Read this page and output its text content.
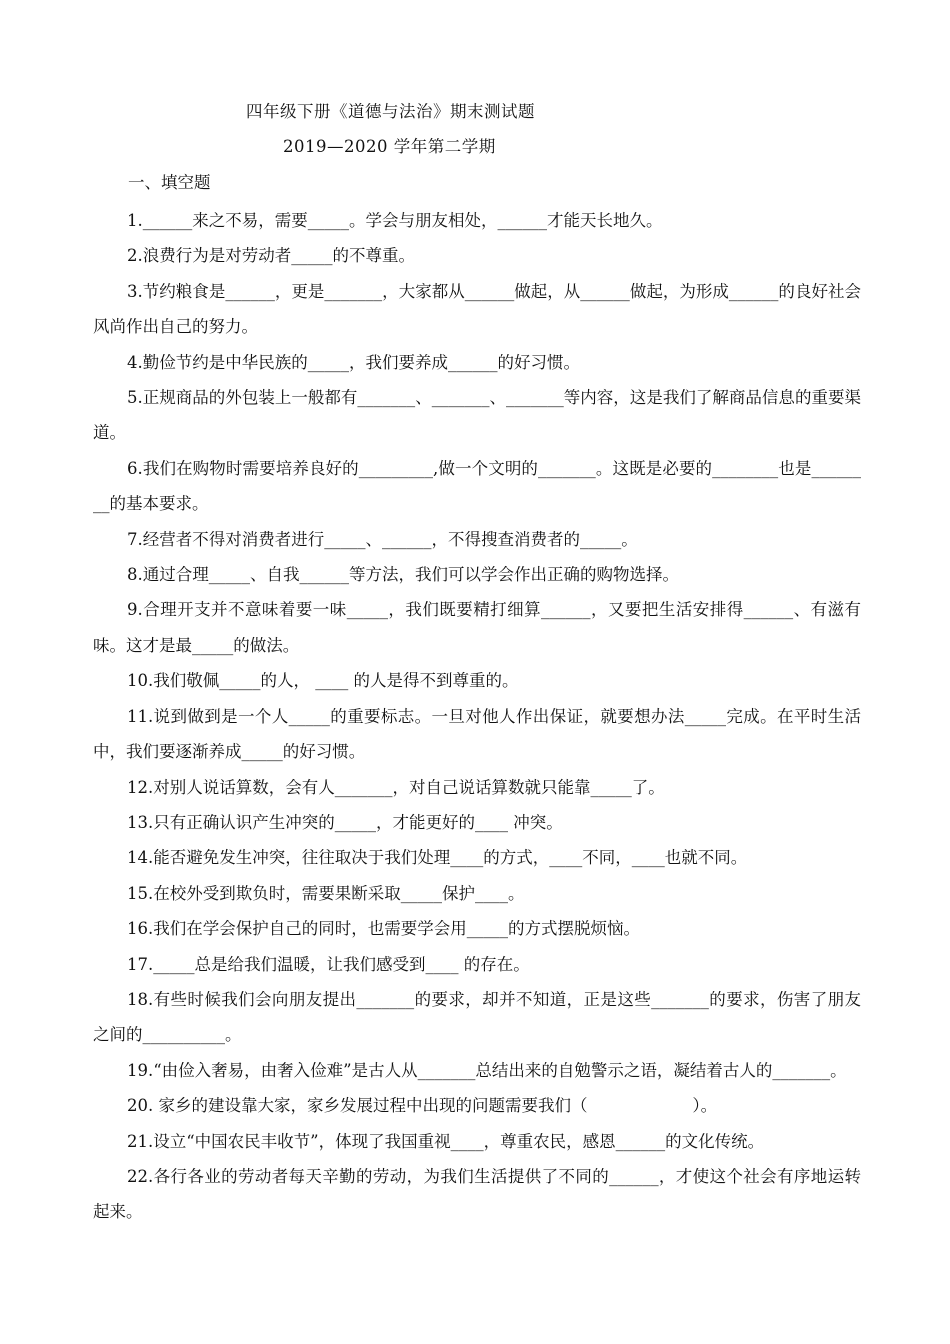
四年级下册《道德与法治》期末测试题
2019—2020 学年第二学期
一、填空题

1.______来之不易，需要_____。学会与朋友相处，______才能天长地久。

2.浪费行为是对劳动者_____的不尊重。

3.节约粮食是______，更是_______，大家都从______做起，从______做起，为形成______的良好社会风尚作出自己的努力。

4.勤俭节约是中华民族的_____，我们要养成______的好习惯。

5.正规商品的外包装上一般都有_______、_______、_______等内容，这是我们了解商品信息的重要渠道。

6.我们在购物时需要培养良好的_________,做一个文明的_______。这既是必要的________也是________的基本要求。

7.经营者不得对消费者进行_____、______，不得搜查消费者的_____。

8.通过合理_____、自我______等方法，我们可以学会作出正确的购物选择。

9.合理开支并不意味着要一味_____，我们既要精打细算______，又要把生活安排得______、有滋有味。这才是最_____的做法。

10.我们敬佩_____的人， ____ 的人是得不到尊重的。

11.说到做到是一个人_____的重要标志。一旦对他人作出保证，就要想办法_____完成。在平时生活中，我们要逐渐养成_____的好习惯。

12.对别人说话算数，会有人_______，对自己说话算数就只能靠_____了。

13.只有正确认识产生冲突的_____，才能更好的____ 冲突。

14.能否避免发生冲突，往往取决于我们处理____的方式，____不同，____也就不同。

15.在校外受到欺负时，需要果断采取_____保护____。

16.我们在学会保护自己的同时，也需要学会用_____的方式摆脱烦恼。

17._____总是给我们温暖，让我们感受到____ 的存在。

18.有些时候我们会向朋友提出_______的要求，却并不知道，正是这些_______的要求，伤害了朋友之间的__________。

19.“由俭入奢易，由奢入俭难”是古人从_______总结出来的自勉警示之语，凝结着古人的_______。

20. 家乡的建设靠大家，家乡发展过程中出现的问题需要我们（                    ）。

21.设立“中国农民丰收节”，体现了我国重视____，尊重农民，感恩______的文化传统。

22.各行各业的劳动者每天辛勤的劳动，为我们生活提供了不同的______，才使这个社会有序地运转起来。
